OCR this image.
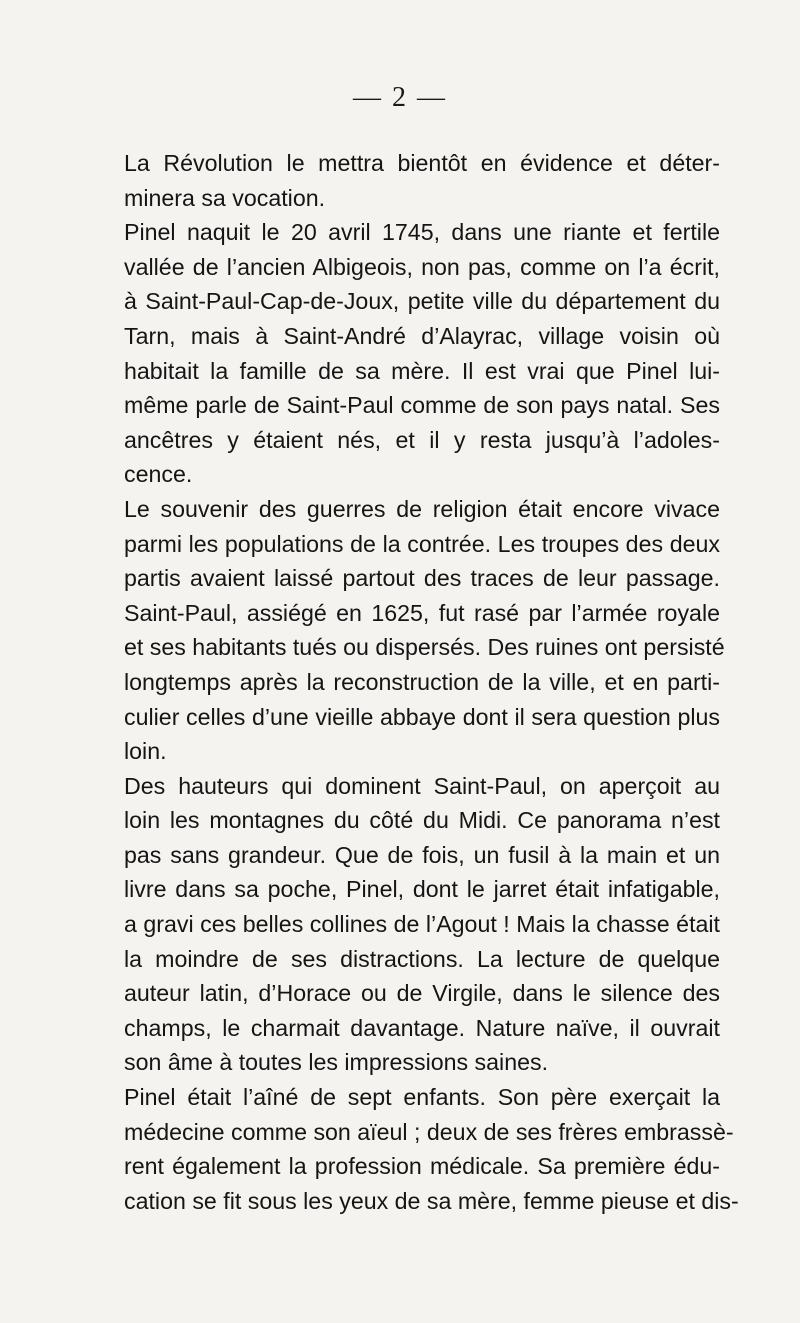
— 2 —
La Révolution le mettra bientôt en évidence et déter-
minera sa vocation.
Pinel naquit le 20 avril 1745, dans une riante et fertile
vallée de l’ancien Albigeois, non pas, comme on l’a écrit,
à Saint-Paul-Cap-de-Joux, petite ville du département du
Tarn, mais à Saint-André d’Alayrac, village voisin où
habitait la famille de sa mère. Il est vrai que Pinel lui-
même parle de Saint-Paul comme de son pays natal. Ses
ancêtres y étaient nés, et il y resta jusqu’à l’adoles-
cence.
Le souvenir des guerres de religion était encore vivace
parmi les populations de la contrée. Les troupes des deux
partis avaient laissé partout des traces de leur passage.
Saint-Paul, assiégé en 1625, fut rasé par l’armée royale
et ses habitants tués ou dispersés. Des ruines ont persisté
longtemps après la reconstruction de la ville, et en parti-
culier celles d’une vieille abbaye dont il sera question plus
loin.
Des hauteurs qui dominent Saint-Paul, on aperçoit au
loin les montagnes du côté du Midi. Ce panorama n’est
pas sans grandeur. Que de fois, un fusil à la main et un
livre dans sa poche, Pinel, dont le jarret était infatigable,
a gravi ces belles collines de l’Agout ! Mais la chasse était
la moindre de ses distractions. La lecture de quelque
auteur latin, d’Horace ou de Virgile, dans le silence des
champs, le charmait davantage. Nature naïve, il ouvrait
son âme à toutes les impressions saines.
Pinel était l’aîné de sept enfants. Son père exerçait la
médecine comme son aïeul ; deux de ses frères embrassè-
rent également la profession médicale. Sa première édu-
cation se fit sous les yeux de sa mère, femme pieuse et dis-
